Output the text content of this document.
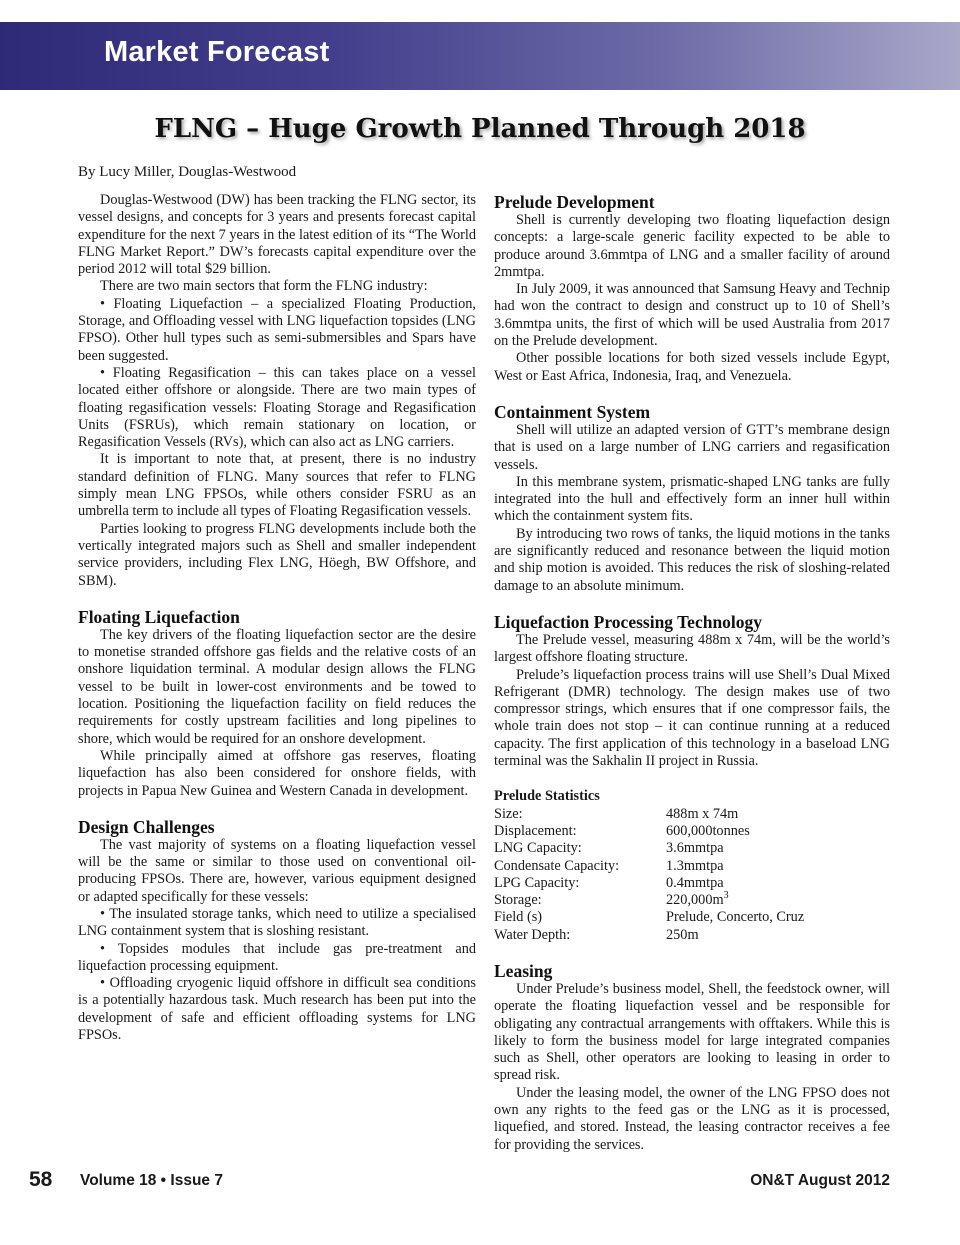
Market Forecast
FLNG – Huge Growth Planned Through 2018
By Lucy Miller, Douglas-Westwood

Douglas-Westwood (DW) has been tracking the FLNG sector, its vessel designs, and concepts for 3 years and presents forecast capital expenditure for the next 7 years in the latest edition of its “The World FLNG Market Report.” DW’s forecasts capital expenditure over the period 2012 will total $29 billion.

There are two main sectors that form the FLNG industry:

• Floating Liquefaction – a specialized Floating Production, Storage, and Offloading vessel with LNG liquefaction topsides (LNG FPSO). Other hull types such as semi-submersibles and Spars have been suggested.

• Floating Regasification – this can takes place on a vessel located either offshore or alongside. There are two main types of floating regasification vessels: Floating Storage and Regasification Units (FSRUs), which remain stationary on location, or Regasification Vessels (RVs), which can also act as LNG carriers.

It is important to note that, at present, there is no industry standard definition of FLNG. Many sources that refer to FLNG simply mean LNG FPSOs, while others consider FSRU as an umbrella term to include all types of Floating Regasification vessels.

Parties looking to progress FLNG developments include both the vertically integrated majors such as Shell and smaller independent service providers, including Flex LNG, Höegh, BW Offshore, and SBM).

Floating Liquefaction

The key drivers of the floating liquefaction sector are the desire to monetise stranded offshore gas fields and the relative costs of an onshore liquidation terminal. A modular design allows the FLNG vessel to be built in lower-cost environments and be towed to location. Positioning the liquefaction facility on field reduces the requirements for costly upstream facilities and long pipelines to shore, which would be required for an onshore development.

While principally aimed at offshore gas reserves, floating liquefaction has also been considered for onshore fields, with projects in Papua New Guinea and Western Canada in development.

Design Challenges

The vast majority of systems on a floating liquefaction vessel will be the same or similar to those used on conventional oil-producing FPSOs. There are, however, various equipment designed or adapted specifically for these vessels:

• The insulated storage tanks, which need to utilize a specialised LNG containment system that is sloshing resistant.

• Topsides modules that include gas pre-treatment and liquefaction processing equipment.

• Offloading cryogenic liquid offshore in difficult sea conditions is a potentially hazardous task. Much research has been put into the development of safe and efficient offloading systems for LNG FPSOs.

Prelude Development

Shell is currently developing two floating liquefaction design concepts: a large-scale generic facility expected to be able to produce around 3.6mmtpa of LNG and a smaller facility of around 2mmtpa.

In July 2009, it was announced that Samsung Heavy and Technip had won the contract to design and construct up to 10 of Shell’s 3.6mmtpa units, the first of which will be used Australia from 2017 on the Prelude development.

Other possible locations for both sized vessels include Egypt, West or East Africa, Indonesia, Iraq, and Venezuela.

Containment System

Shell will utilize an adapted version of GTT’s membrane design that is used on a large number of LNG carriers and regasification vessels.

In this membrane system, prismatic-shaped LNG tanks are fully integrated into the hull and effectively form an inner hull within which the containment system fits.

By introducing two rows of tanks, the liquid motions in the tanks are significantly reduced and resonance between the liquid motion and ship motion is avoided. This reduces the risk of sloshing-related damage to an absolute minimum.

Liquefaction Processing Technology

The Prelude vessel, measuring 488m x 74m, will be the world’s largest offshore floating structure.

Prelude’s liquefaction process trains will use Shell’s Dual Mixed Refrigerant (DMR) technology. The design makes use of two compressor strings, which ensures that if one compressor fails, the whole train does not stop – it can continue running at a reduced capacity. The first application of this technology in a baseload LNG terminal was the Sakhalin II project in Russia.

Prelude Statistics
Size:	488m x 74m
Displacement:	600,000tonnes
LNG Capacity:	3.6mmtpa
Condensate Capacity:	1.3mmtpa
LPG Capacity:	0.4mmtpa
Storage:	$220,000m^3$
Field (s)	Prelude, Concerto, Cruz
Water Depth:	250m
Leasing

Under Prelude’s business model, Shell, the feedstock owner, will operate the floating liquefaction vessel and be responsible for obligating any contractual arrangements with offtakers. While this is likely to form the business model for large integrated companies such as Shell, other operators are looking to leasing in order to spread risk.

Under the leasing model, the owner of the LNG FPSO does not own any rights to the feed gas or the LNG as it is processed, liquefied, and stored. Instead, the leasing contractor receives a fee for providing the services.

58 Volume 18 • Issue 7	ON&T August 2012
